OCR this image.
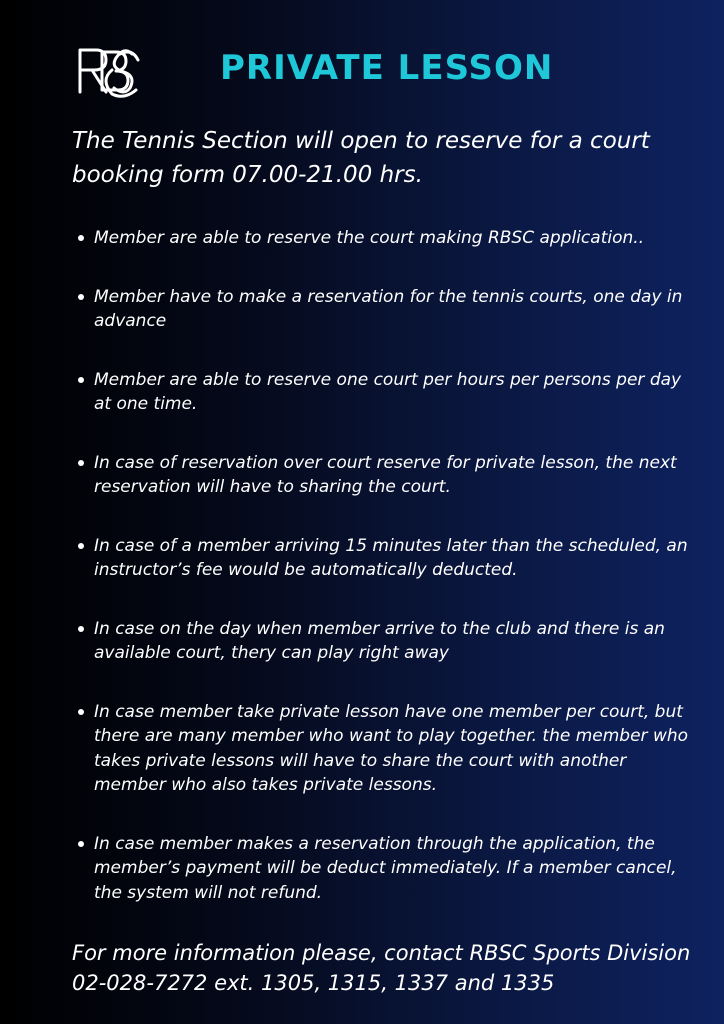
PRIVATE LESSON
The Tennis Section will open to reserve for a court booking form 07.00-21.00 hrs.
Member are able to reserve the court making RBSC application..
Member have to make a reservation for the tennis courts, one day in advance
Member are able to reserve one court per hours per persons per day at one time.
In case of reservation over court reserve for private lesson, the next reservation will have to sharing the court.
In case of a member arriving 15 minutes later than the scheduled, an instructor’s fee would be automatically deducted.
In case on the day when member arrive to the club and there is an available court, thery can play right away
In case member take private lesson have one member per court, but there are many member who want to play together. the member who takes private lessons will have to share the court with another member who also takes private lessons.
In case member makes a reservation through the application, the member’s payment will be deduct immediately. If a member cancel, the system will not refund.
For more information please, contact RBSC Sports Division
02-028-7272 ext. 1305, 1315, 1337 and 1335
